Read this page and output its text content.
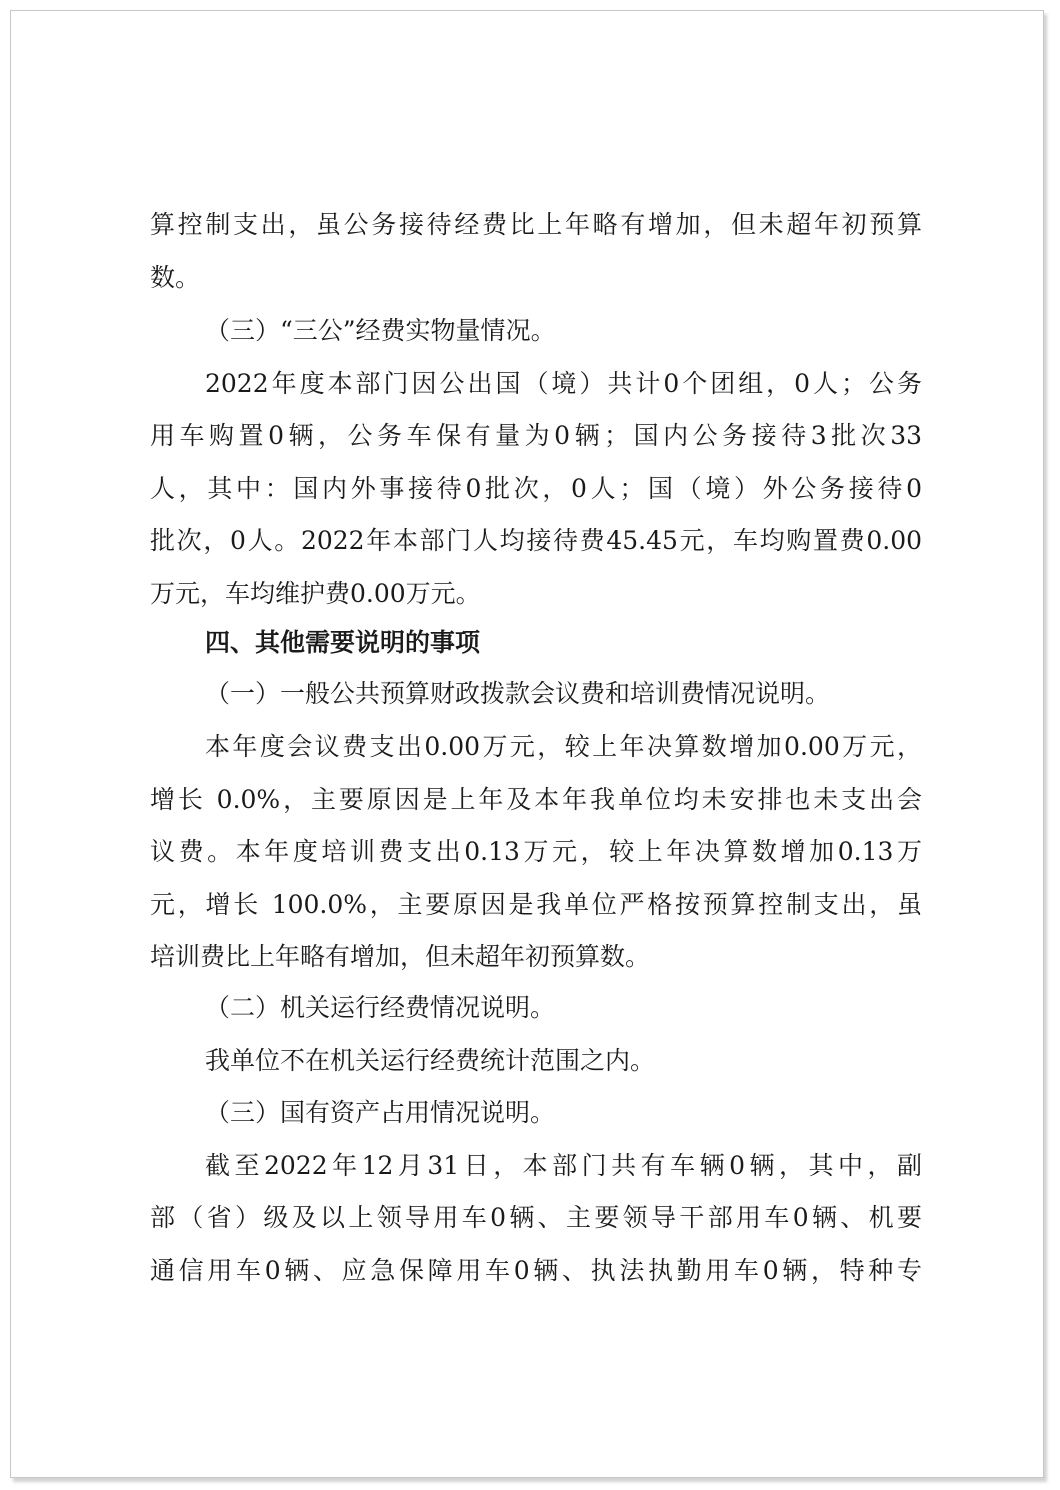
算控制支出，虽公务接待经费比上年略有增加，但未超年初预算
数。
（三）“三公”经费实物量情况。
2022年度本部门因公出国（境）共计0个团组，0人；公务
用车购置0辆，公务车保有量为0辆；国内公务接待3批次33
人，其中：国内外事接待0批次，0人；国（境）外公务接待0
批次，0人。2022年本部门人均接待费45.45元，车均购置费0.00
万元，车均维护费0.00万元。
四、其他需要说明的事项
（一）一般公共预算财政拨款会议费和培训费情况说明。
本年度会议费支出0.00万元，较上年决算数增加0.00万元，
增长 0.0%，主要原因是上年及本年我单位均未安排也未支出会
议费。本年度培训费支出0.13万元，较上年决算数增加0.13万
元，增长 100.0%，主要原因是我单位严格按预算控制支出，虽
培训费比上年略有增加，但未超年初预算数。
（二）机关运行经费情况说明。
我单位不在机关运行经费统计范围之内。
（三）国有资产占用情况说明。
截至2022年12月31日，本部门共有车辆0辆，其中，副
部（省）级及以上领导用车0辆、主要领导干部用车0辆、机要
通信用车0辆、应急保障用车0辆、执法执勤用车0辆，特种专
